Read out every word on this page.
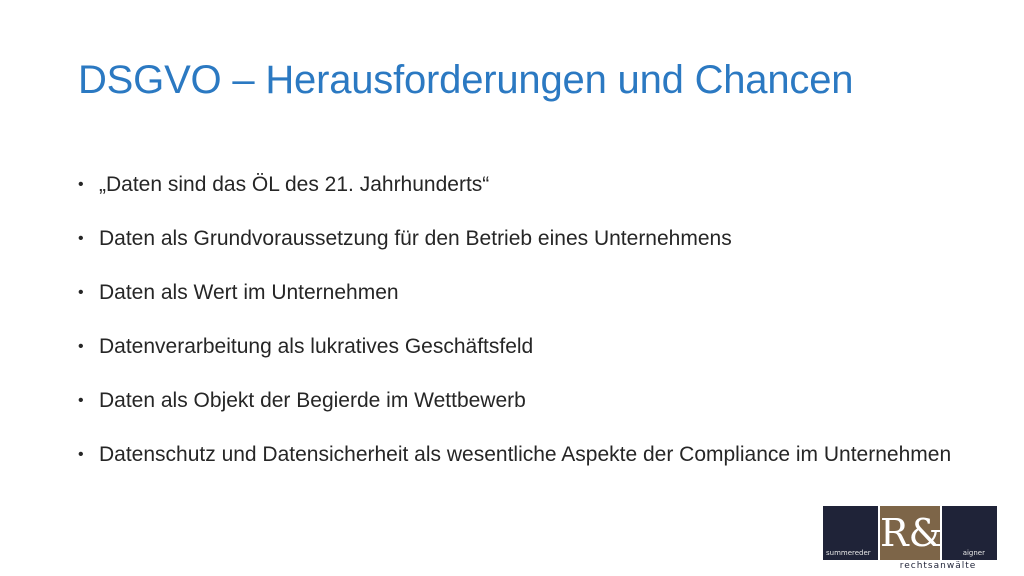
DSGVO – Herausforderungen und Chancen
• „Daten sind das ÖL des 21. Jahrhunderts“
• Daten als Grundvoraussetzung für den Betrieb eines Unternehmens
• Daten als Wert im Unternehmen
• Datenverarbeitung als lukratives Geschäftsfeld
• Daten als Objekt der Begierde im Wettbewerb
• Datenschutz und Datensicherheit als wesentliche Aspekte der Compliance im Unternehmen
summereder R&	aigner
rechtsanwälte
